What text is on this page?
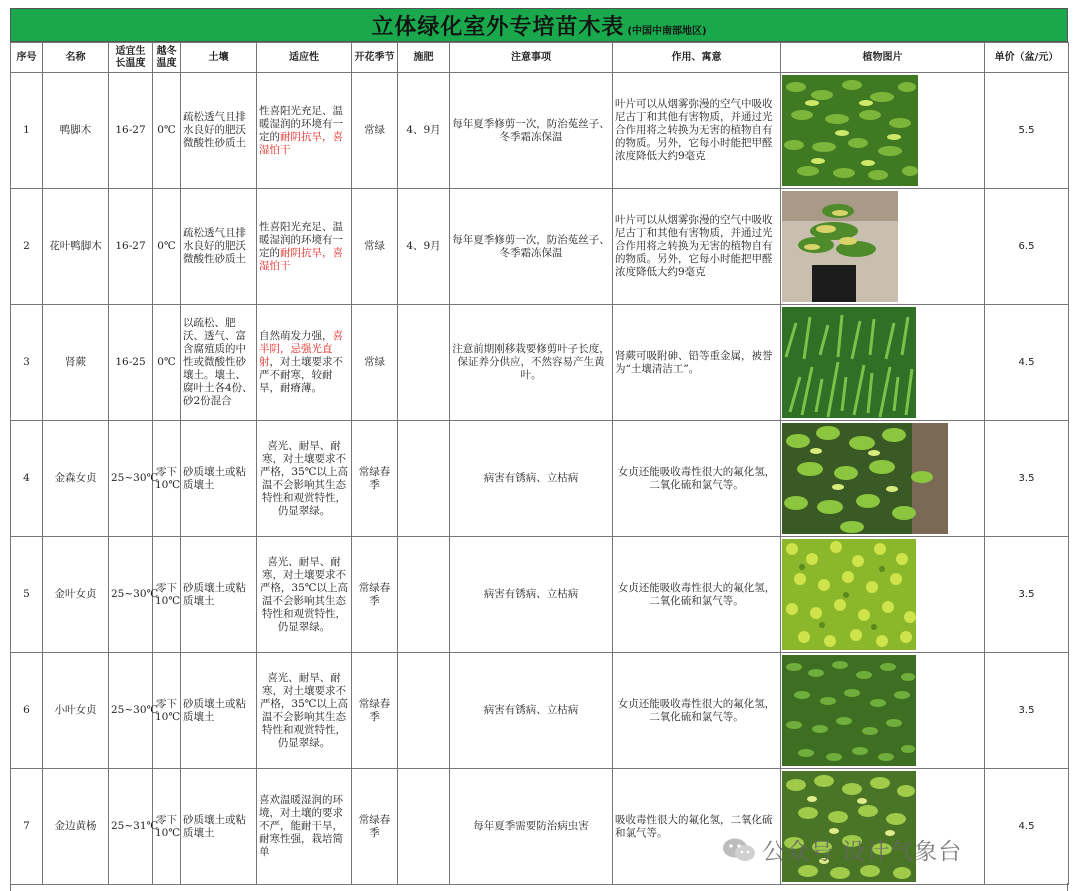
立体绿化室外专培苗木表 (中国中南部地区)
序号	名称	适宜生长温度	越冬温度	土壤	适应性	开花季节	施肥	注意事项	作用、寓意	植物图片	单价（盆/元）
1	鸭脚木	16-27	0℃	疏松透气且排水良好的肥沃微酸性砂质土	性喜阳光充足、温暖湿润的环境有一定的耐阴抗旱，喜湿怕干	常绿	4、9月	每年夏季修剪一次，防治菟丝子、冬季霜冻保温	叶片可以从烟雾弥漫的空气中吸收尼古丁和其他有害物质，并通过光合作用将之转换为无害的植物自有的物质。另外，它每小时能把甲醛浓度降低大约9毫克		5.5
2	花叶鸭脚木	16-27	0℃	疏松透气且排水良好的肥沃微酸性砂质土	性喜阳光充足、温暖湿润的环境有一定的耐阴抗旱，喜湿怕干	常绿	4、9月	每年夏季修剪一次，防治菟丝子、冬季霜冻保温	叶片可以从烟雾弥漫的空气中吸收尼古丁和其他有害物质，并通过光合作用将之转换为无害的植物自有的物质。另外，它每小时能把甲醛浓度降低大约9毫克		6.5
3	肾蕨	16-25	0℃	以疏松、肥沃、透气、富含腐殖质的中性或微酸性砂壤土。壤土、腐叶土各4份、砂2份混合	自然萌发力强，喜半阴，忌强光直射，对土壤要求不严不耐寒，较耐旱，耐瘠薄。	常绿		注意前期刚移栽要修剪叶子长度，保证养分供应，不然容易产生黄叶。	肾蕨可吸附砷、铅等重金属，被誉为“土壤清洁工”。		4.5
4	金森女贞	25~30℃	零下10℃	砂质壤土或粘质壤土	喜光、耐旱、耐寒，对土壤要求不严格，35℃以上高温不会影响其生态特性和观赏特性，仍显翠绿。	常绿春季		病害有锈病、立枯病	女贞还能吸收毒性很大的氟化氢，二氧化硫和氯气等。		3.5
5	金叶女贞	25~30℃	零下10℃	砂质壤土或粘质壤土	喜光、耐旱、耐寒，对土壤要求不严格，35℃以上高温不会影响其生态特性和观赏特性，仍显翠绿。	常绿春季		病害有锈病、立枯病	女贞还能吸收毒性很大的氟化氢，二氧化硫和氯气等。		3.5
6	小叶女贞	25~30℃	零下10℃	砂质壤土或粘质壤土	喜光、耐旱、耐寒，对土壤要求不严格，35℃以上高温不会影响其生态特性和观赏特性，仍显翠绿。	常绿春季		病害有锈病、立枯病	女贞还能吸收毒性很大的氟化氢，二氧化硫和氯气等。		3.5
7	金边黄杨	25~31℃	零下10℃	砂质壤土或粘质壤土	喜欢温暖湿润的环境，对土壤的要求不严，能耐干旱，耐寒性强，栽培简单	常绿春季		每年夏季需要防治病虫害	吸收毒性很大的氟化氢，二氧化硫和氯气等。		4.5
公众号 设计气象台
